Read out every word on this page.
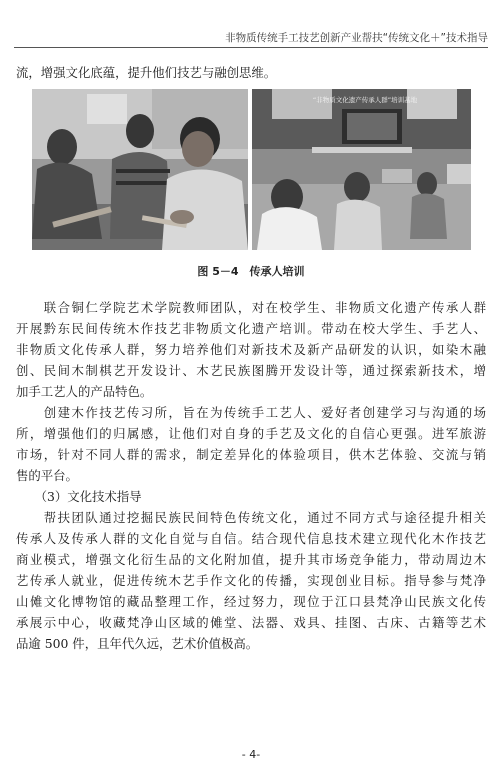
非物质传统手工技艺创新产业帮扶“传统文化＋”技术指导
流，增强文化底蕴，提升他们技艺与融创思维。
“非物质文化遗产传承人群”培训基地
图 5－4　传承人培训
　　联合铜仁学院艺术学院教师团队，对在校学生、非物质文化遗产传承人群
开展黔东民间传统木作技艺非物质文化遗产培训。带动在校大学生、手艺人、
非物质文化传承人群，努力培养他们对新技术及新产品研发的认识，如染木融
创、民间木制棋艺开发设计、木艺民族图腾开发设计等，通过探索新技术，增
加手工艺人的产品特色。
　　创建木作技艺传习所，旨在为传统手工艺人、爱好者创建学习与沟通的场
所，增强他们的归属感，让他们对自身的手艺及文化的自信心更强。进军旅游
市场，针对不同人群的需求，制定差异化的体验项目，供木艺体验、交流与销
售的平台。
　　（3）文化技术指导
　　帮扶团队通过挖掘民族民间特色传统文化，通过不同方式与途径提升相关
传承人及传承人群的文化自觉与自信。结合现代信息技术建立现代化木作技艺
商业模式，增强文化衍生品的文化附加值，提升其市场竞争能力，带动周边木
艺传承人就业，促进传统木艺手作文化的传播，实现创业目标。指导参与梵净
山傩文化博物馆的藏品整理工作，经过努力，现位于江口县梵净山民族文化传
承展示中心，收藏梵净山区域的傩堂、法器、戏具、挂图、古床、古籍等艺术
品逾 500 件，且年代久远，艺术价值极高。
- 4-
